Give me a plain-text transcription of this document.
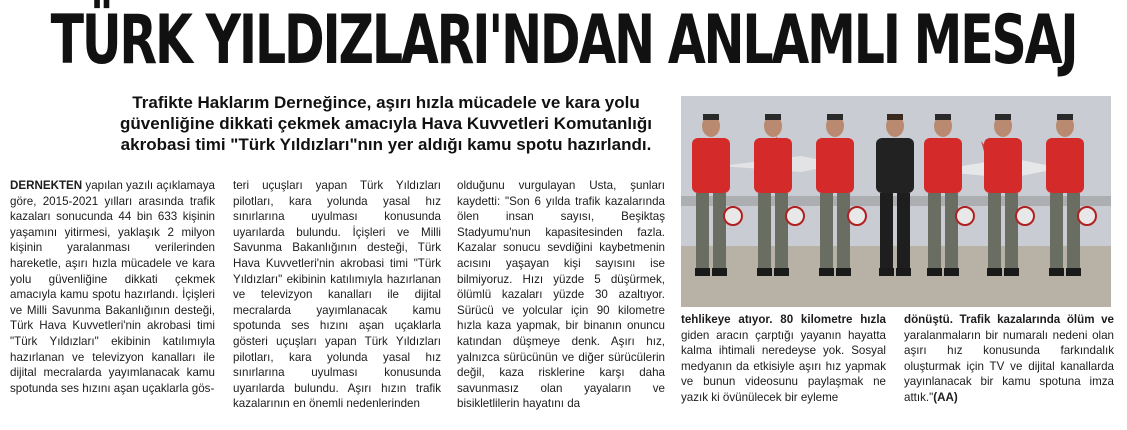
TÜRK YILDIZLARI'NDAN ANLAMLI MESAJ
Trafikte Haklarım Derneğince, aşırı hızla mücadele ve kara yolu güvenliğine dikkati çekmek amacıyla Hava Kuvvetleri Komutanlığı akrobasi timi "Türk Yıldızları"nın yer aldığı kamu spotu hazırlandı.
DERNEKTEN yapılan yazılı açıklamaya göre, 2015-2021 yılları arasında trafik kazaları sonucunda 44 bin 633 kişinin yaşamını yitirmesi, yaklaşık 2 milyon kişinin yaralanması verilerinden hareketle, aşırı hızla mücadele ve kara yolu güvenliğine dikkati çekmek amacıyla kamu spotu hazırlandı. İçişleri ve Milli Savunma Bakanlığının desteği, Türk Hava Kuvvetleri'nin akrobasi timi "Türk Yıldızları" ekibinin katılımıyla hazırlanan ve televizyon kanalları ile dijital mecralarda yayımlanacak kamu spotunda ses hızını aşan uçaklarla gös-
teri uçuşları yapan Türk Yıldızları pilotları, kara yolunda yasal hız sınırlarına uyulması konusunda uyarılarda bulundu. İçişleri ve Milli Savunma Bakanlığının desteği, Türk Hava Kuvvetleri'nin akrobasi timi "Türk Yıldızları" ekibinin katılımıyla hazırlanan ve televizyon kanalları ile dijital mecralarda yayımlanacak kamu spotunda ses hızını aşan uçaklarla gösteri uçuşları yapan Türk Yıldızları pilotları, kara yolunda yasal hız sınırlarına uyulması konusunda uyarılarda bulundu. Aşırı hızın trafik kazalarının en önemli nedenlerinden
olduğunu vurgulayan Usta, şunları kaydetti: "Son 6 yılda trafik kazalarında ölen insan sayısı, Beşiktaş Stadyumu'nun kapasitesinden fazla. Kazalar sonucu sevdiğini kaybetmenin acısını yaşayan kişi sayısını ise bilmiyoruz. Hızı yüzde 5 düşürmek, ölümlü kazaları yüzde 30 azaltıyor. Sürücü ve yolcular için 90 kilometre hızla kaza yapmak, bir binanın onuncu katından düşmeye denk. Aşırı hız, yalnızca sürücünün ve diğer sürücülerin değil, kaza risklerine karşı daha savunmasız olan yayaların ve bisikletlilerin hayatını da
tehlikeye atıyor. 80 kilometre hızla giden aracın çarptığı yayanın hayatta kalma ihtimali neredeyse yok. Sosyal medyanın da etkisiyle aşırı hız yapmak ve bunun videosunu paylaşmak ne yazık ki övünülecek bir eyleme
dönüştü. Trafik kazalarında ölüm ve yaralanmaların bir numaralı nedeni olan aşırı hız konusunda farkındalık oluşturmak için TV ve dijital kanallarda yayınlanacak bir kamu spotuna imza attık."(AA)
